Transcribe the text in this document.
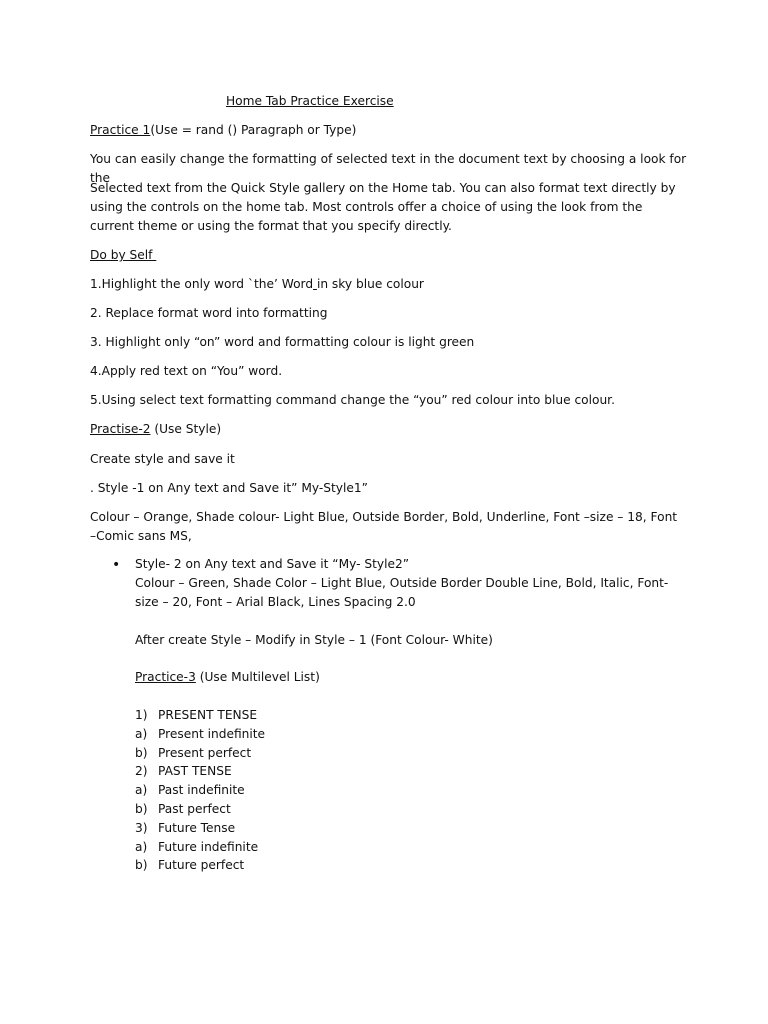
Home Tab Practice Exercise

Practice 1(Use = rand () Paragraph or Type)

You can easily change the formatting of selected text in the document text by choosing a look for the

Selected text from the Quick Style gallery on the Home tab. You can also format text directly by using the controls on the home tab. Most controls offer a choice of using the look from the current theme or using the format that you specify directly.

Do by Self

1.Highlight the only word `the’ Word in sky blue colour

2. Replace format word into formatting

3. Highlight only “on” word and formatting colour is light green

4.Apply red text on “You” word.

5.Using select text formatting command change the “you” red colour into blue colour.

Practise-2 (Use Style)

Create style and save it

. Style -1 on Any text and Save it” My-Style1”

Colour – Orange, Shade colour- Light Blue, Outside Border, Bold, Underline, Font –size – 18, Font –Comic sans MS,

• Style- 2 on Any text and Save it “My- Style2”

Colour – Green, Shade Color – Light Blue, Outside Border Double Line, Bold, Italic, Font- size – 20, Font – Arial Black, Lines Spacing 2.0

After create Style – Modify in Style – 1 (Font Colour- White)

Practice-3 (Use Multilevel List)

1) PRESENT TENSE
a) Present indefinite
b) Present perfect
2) PAST TENSE
a) Past indefinite
b) Past perfect
3) Future Tense
a) Future indefinite
b) Future perfect
